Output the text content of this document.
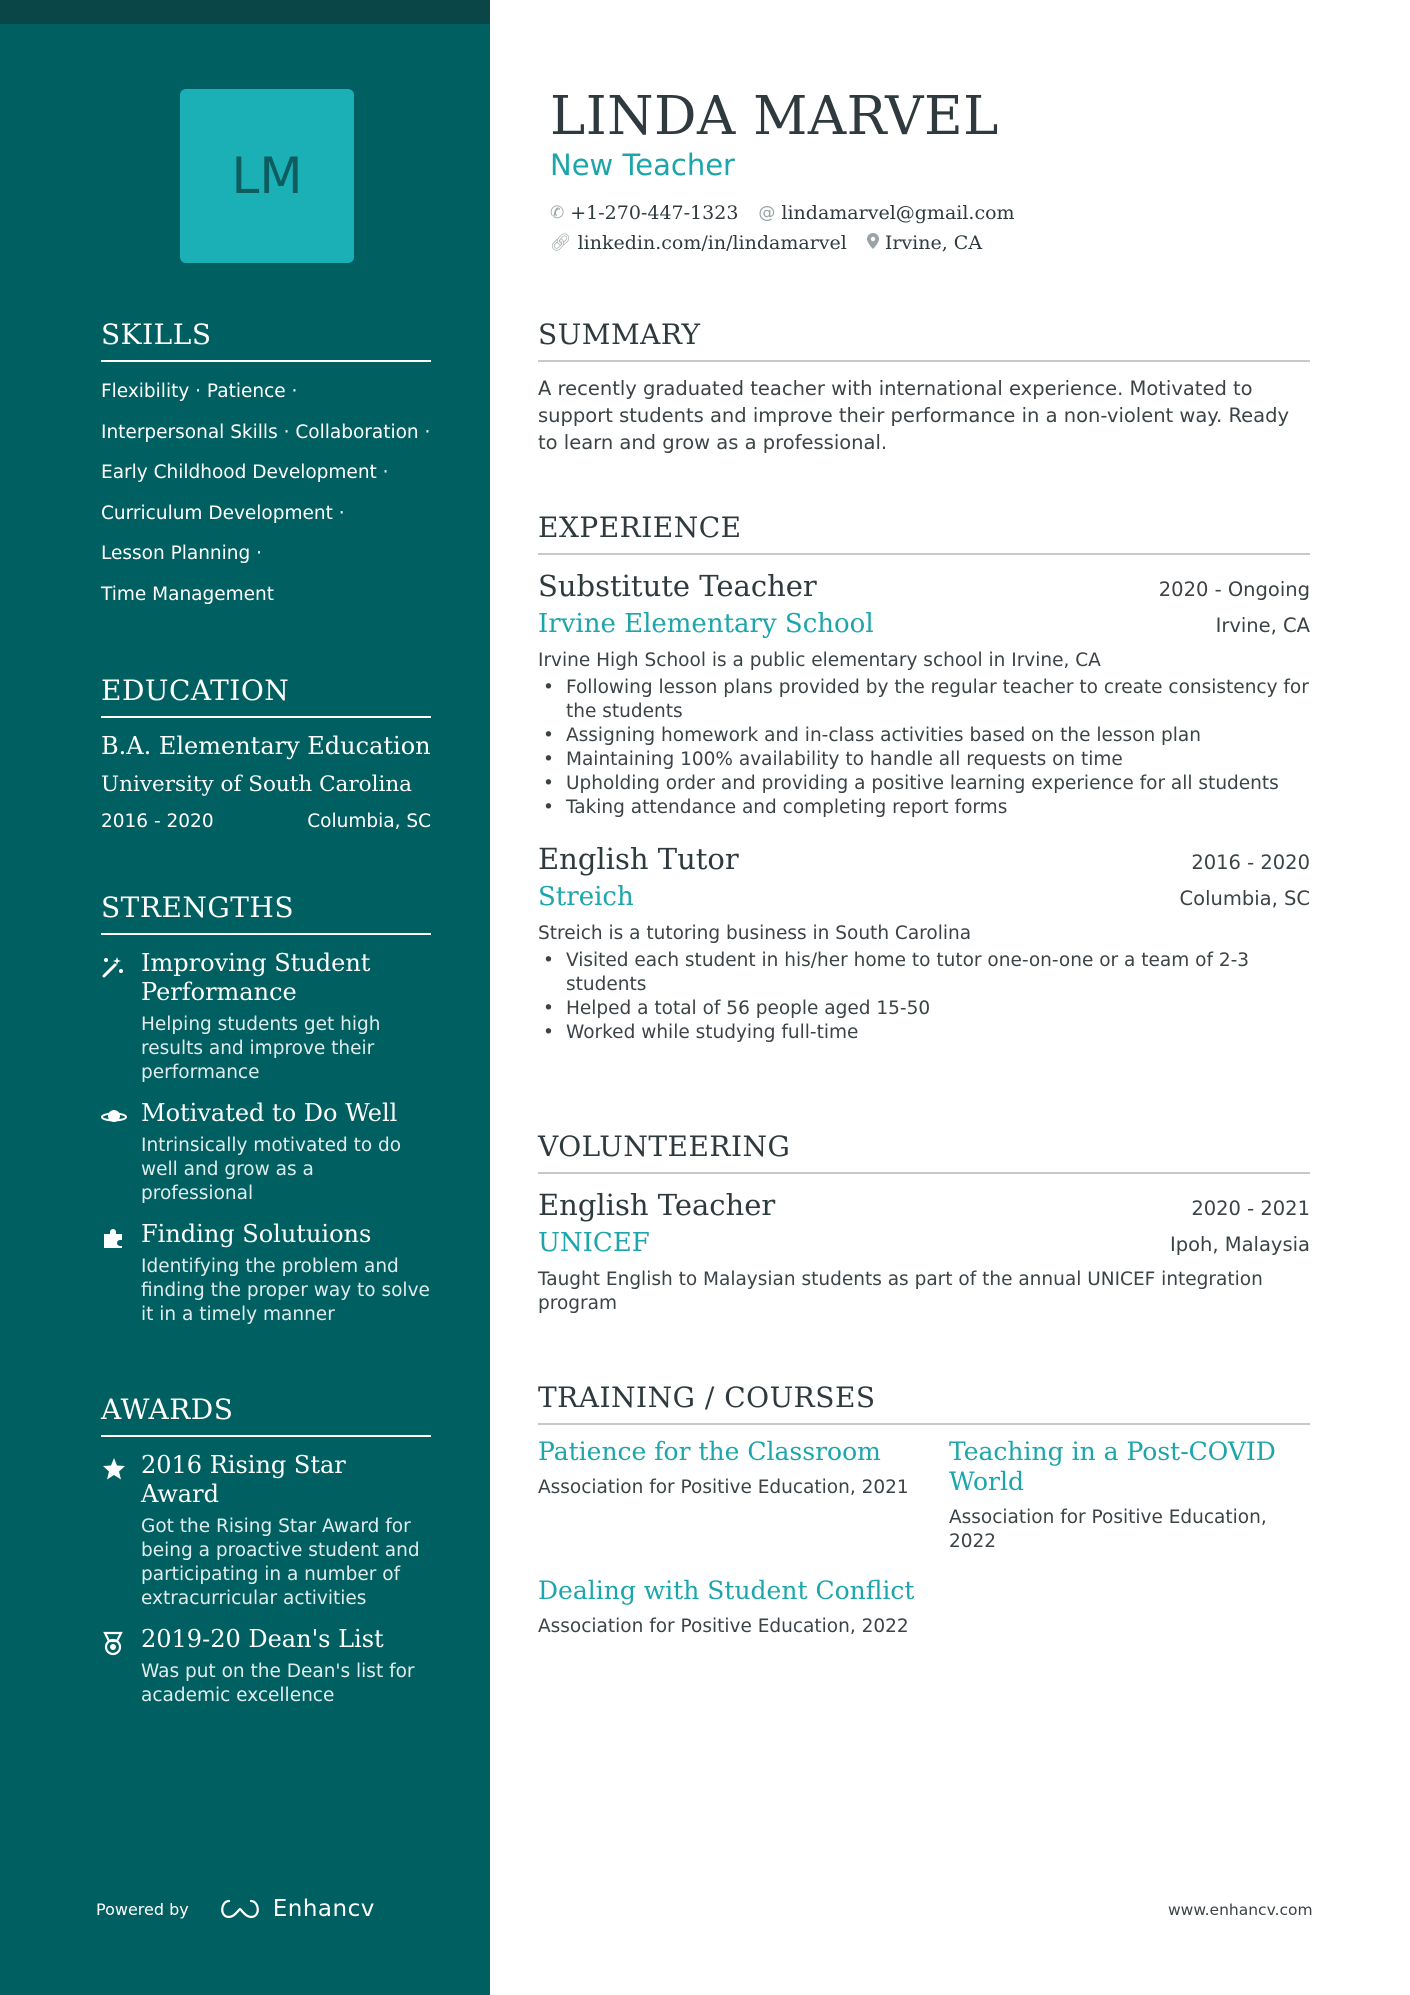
LM
SKILLS
Flexibility · Patience ·
Interpersonal Skills · Collaboration ·
Early Childhood Development ·
Curriculum Development ·
Lesson Planning ·
Time Management
EDUCATION
B.A. Elementary Education
University of South Carolina
2016 - 2020	Columbia, SC
STRENGTHS
Improving Student Performance
Helping students get high results and improve their performance
Motivated to Do Well
Intrinsically motivated to do well and grow as a professional
Finding Solutuions
Identifying the problem and finding the proper way to solve it in a timely manner
AWARDS
2016 Rising Star Award
Got the Rising Star Award for being a proactive student and participating in a number of extracurricular activities
2019-20 Dean's List
Was put on the Dean's list for academic excellence
Powered by	Enhancv
LINDA MARVEL
New Teacher
✆ +1-270-447-1323 @ lindamarvel@gmail.com
🔗︎ linkedin.com/in/lindamarvel Irvine, CA
SUMMARY
A recently graduated teacher with international experience. Motivated to support students and improve their performance in a non-violent way. Ready to learn and grow as a professional.
EXPERIENCE
Substitute Teacher	2020 - Ongoing
Irvine Elementary School	Irvine, CA
Irvine High School is a public elementary school in Irvine, CA
• Following lesson plans provided by the regular teacher to create consistency for the students
• Assigning homework and in-class activities based on the lesson plan
• Maintaining 100% availability to handle all requests on time
• Upholding order and providing a positive learning experience for all students
• Taking attendance and completing report forms
English Tutor	2016 - 2020
Streich	Columbia, SC
Streich is a tutoring business in South Carolina
• Visited each student in his/her home to tutor one-on-one or a team of 2-3 students
• Helped a total of 56 people aged 15-50
• Worked while studying full-time
VOLUNTEERING
English Teacher	2020 - 2021
UNICEF	Ipoh, Malaysia
Taught English to Malaysian students as part of the annual UNICEF integration program
TRAINING / COURSES
Patience for the Classroom
Association for Positive Education, 2021
Teaching in a Post-COVID World
Association for Positive Education, 2022
Dealing with Student Conflict
Association for Positive Education, 2022
www.enhancv.com
